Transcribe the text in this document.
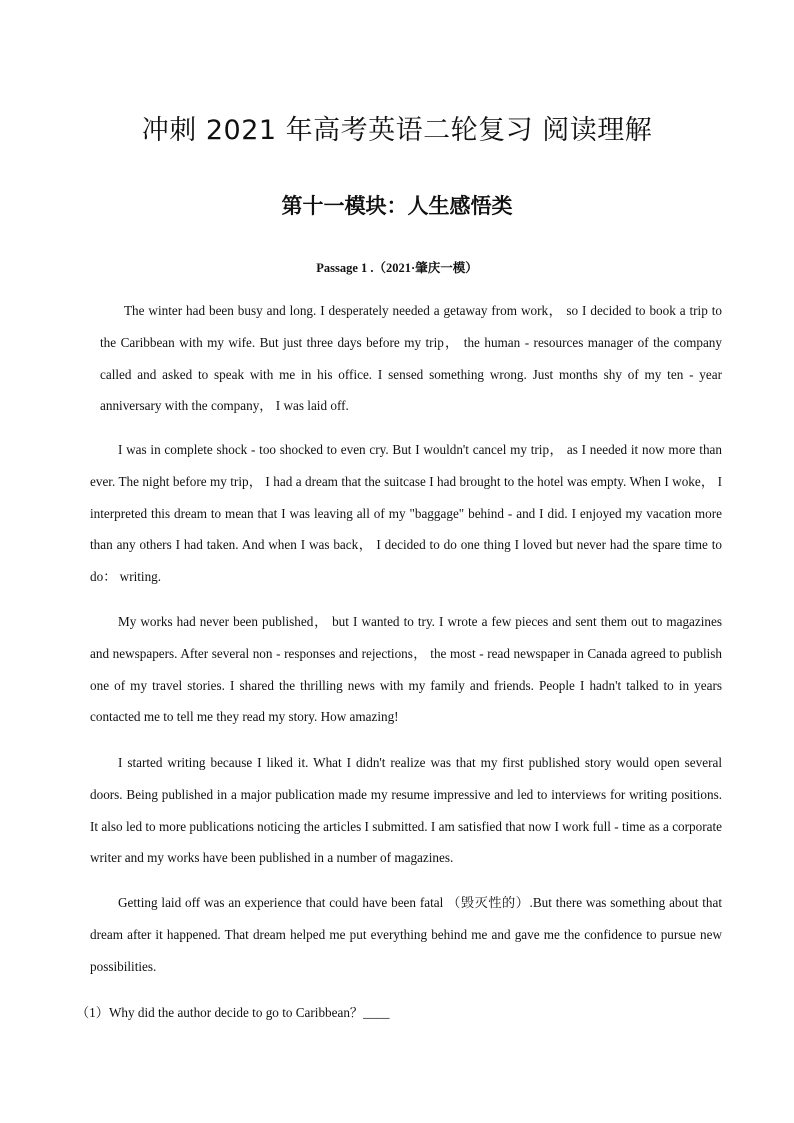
冲刺 2021 年高考英语二轮复习 阅读理解
第十一模块：人生感悟类
Passage 1 .（2021·肇庆一模）

The winter had been busy and long. I desperately needed a getaway from work， so I decided to book a trip to the Caribbean with my wife. But just three days before my trip， the human - resources manager of the company called and asked to speak with me in his office. I sensed something wrong. Just months shy of my ten - year anniversary with the company， I was laid off.

I was in complete shock - too shocked to even cry. But I wouldn't cancel my trip， as I needed it now more than ever. The night before my trip， I had a dream that the suitcase I had brought to the hotel was empty. When I woke， I interpreted this dream to mean that I was leaving all of my "baggage" behind - and I did. I enjoyed my vacation more than any others I had taken. And when I was back， I decided to do one thing I loved but never had the spare time to do： writing.

My works had never been published， but I wanted to try. I wrote a few pieces and sent them out to magazines and newspapers. After several non - responses and rejections， the most - read newspaper in Canada agreed to publish one of my travel stories. I shared the thrilling news with my family and friends. People I hadn't talked to in years contacted me to tell me they read my story. How amazing!

I started writing because I liked it. What I didn't realize was that my first published story would open several doors. Being published in a major publication made my resume impressive and led to interviews for writing positions. It also led to more publications noticing the articles I submitted. I am satisfied that now I work full - time as a corporate writer and my works have been published in a number of magazines.

Getting laid off was an experience that could have been fatal （毁灭性的）.But there was something about that dream after it happened. That dream helped me put everything behind me and gave me the confidence to pursue new possibilities.

（1）Why did the author decide to go to Caribbean？____
